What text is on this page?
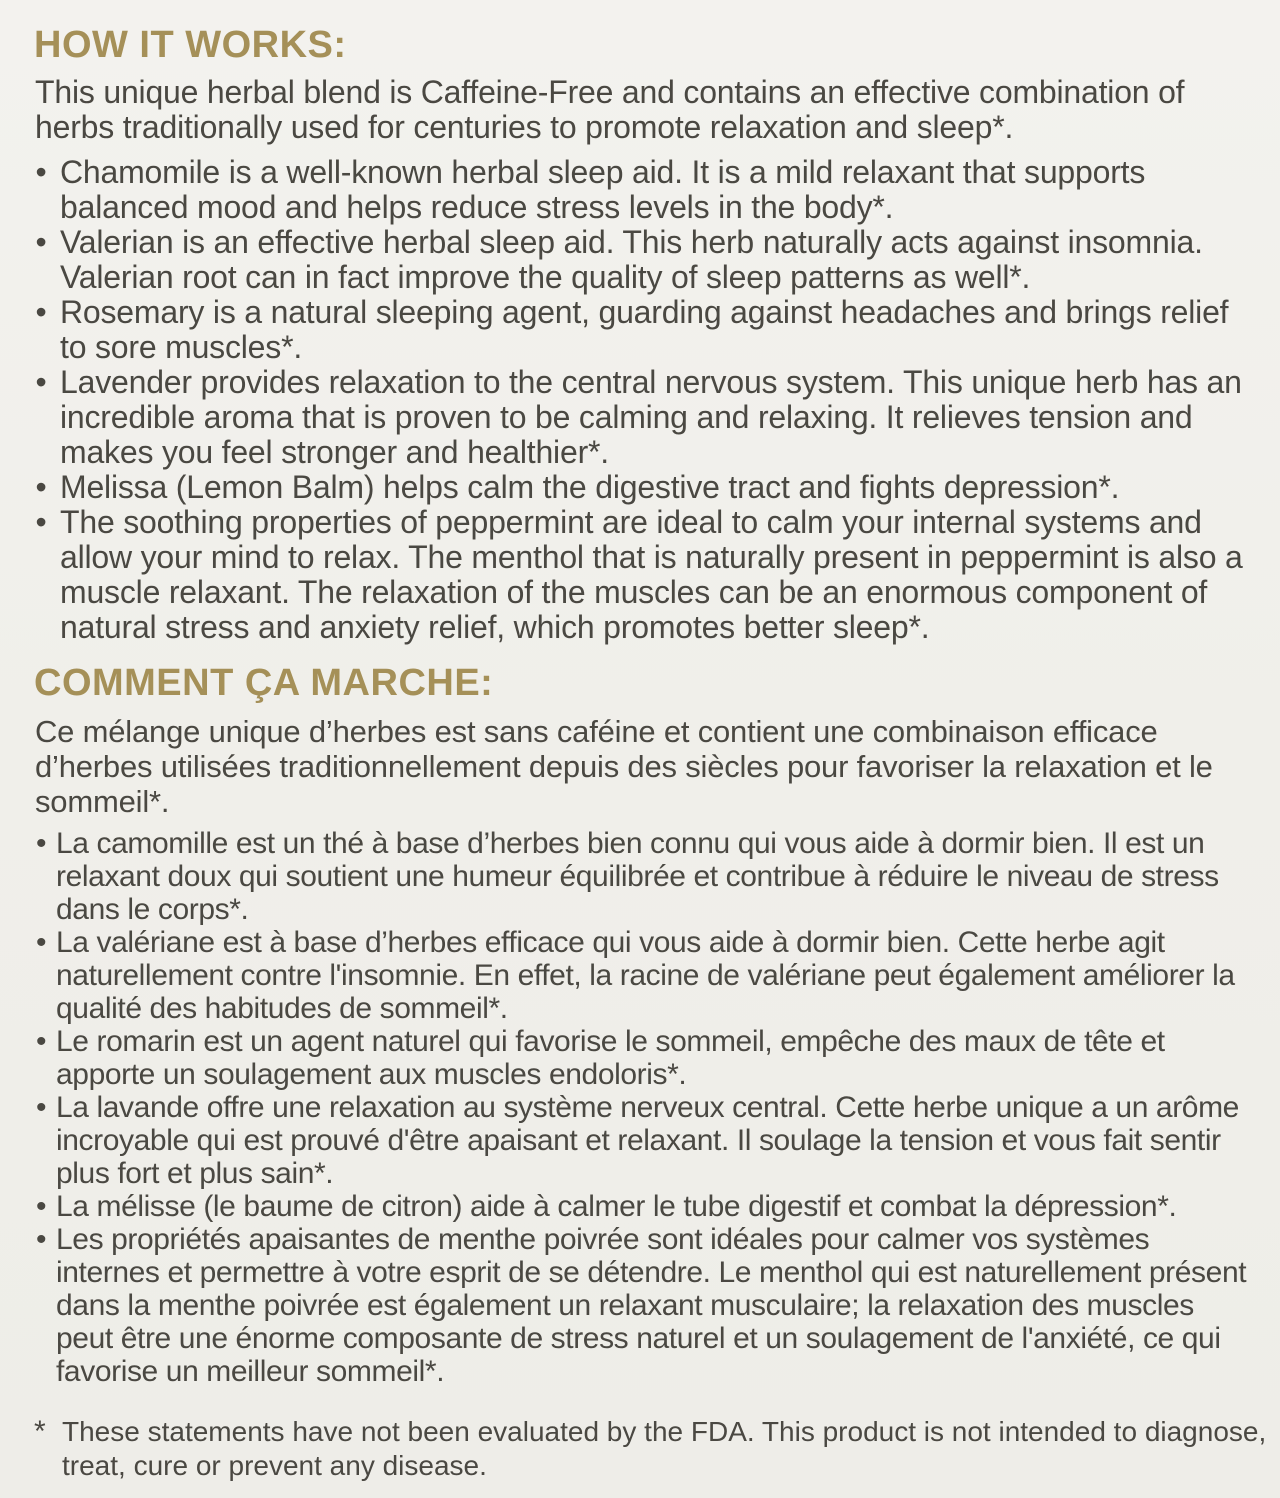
HOW IT WORKS:

This unique herbal blend is Caffeine-Free and contains an effective combination of herbs traditionally used for centuries to promote relaxation and sleep*.

• Chamomile is a well-known herbal sleep aid. It is a mild relaxant that supports balanced mood and helps reduce stress levels in the body*.
• Valerian is an effective herbal sleep aid. This herb naturally acts against insomnia. Valerian root can in fact improve the quality of sleep patterns as well*.
• Rosemary is a natural sleeping agent, guarding against headaches and brings relief to sore muscles*.
• Lavender provides relaxation to the central nervous system. This unique herb has an incredible aroma that is proven to be calming and relaxing. It relieves tension and makes you feel stronger and healthier*.
• Melissa (Lemon Balm) helps calm the digestive tract and fights depression*.
• The soothing properties of peppermint are ideal to calm your internal systems and allow your mind to relax. The menthol that is naturally present in peppermint is also a muscle relaxant. The relaxation of the muscles can be an enormous component of natural stress and anxiety relief, which promotes better sleep*.
COMMENT ÇA MARCHE:

Ce mélange unique d’herbes est sans caféine et contient une combinaison efficace d’herbes utilisées traditionnellement depuis des siècles pour favoriser la relaxation et le sommeil*.

• La camomille est un thé à base d’herbes bien connu qui vous aide à dormir bien. Il est un relaxant doux qui soutient une humeur équilibrée et contribue à réduire le niveau de stress dans le corps*.
• La valériane est à base d’herbes efficace qui vous aide à dormir bien. Cette herbe agit naturellement contre l'insomnie. En effet, la racine de valériane peut également améliorer la qualité des habitudes de sommeil*.
• Le romarin est un agent naturel qui favorise le sommeil, empêche des maux de tête et apporte un soulagement aux muscles endoloris*.
• La lavande offre une relaxation au système nerveux central. Cette herbe unique a un arôme incroyable qui est prouvé d'être apaisant et relaxant. Il soulage la tension et vous fait sentir plus fort et plus sain*.
• La mélisse (le baume de citron) aide à calmer le tube digestif et combat la dépression*.
• Les propriétés apaisantes de menthe poivrée sont idéales pour calmer vos systèmes internes et permettre à votre esprit de se détendre. Le menthol qui est naturellement présent dans la menthe poivrée est également un relaxant musculaire; la relaxation des muscles peut être une énorme composante de stress naturel et un soulagement de l'anxiété, ce qui favorise un meilleur sommeil*.

* These statements have not been evaluated by the FDA. This product is not intended to diagnose, treat, cure or prevent any disease.
